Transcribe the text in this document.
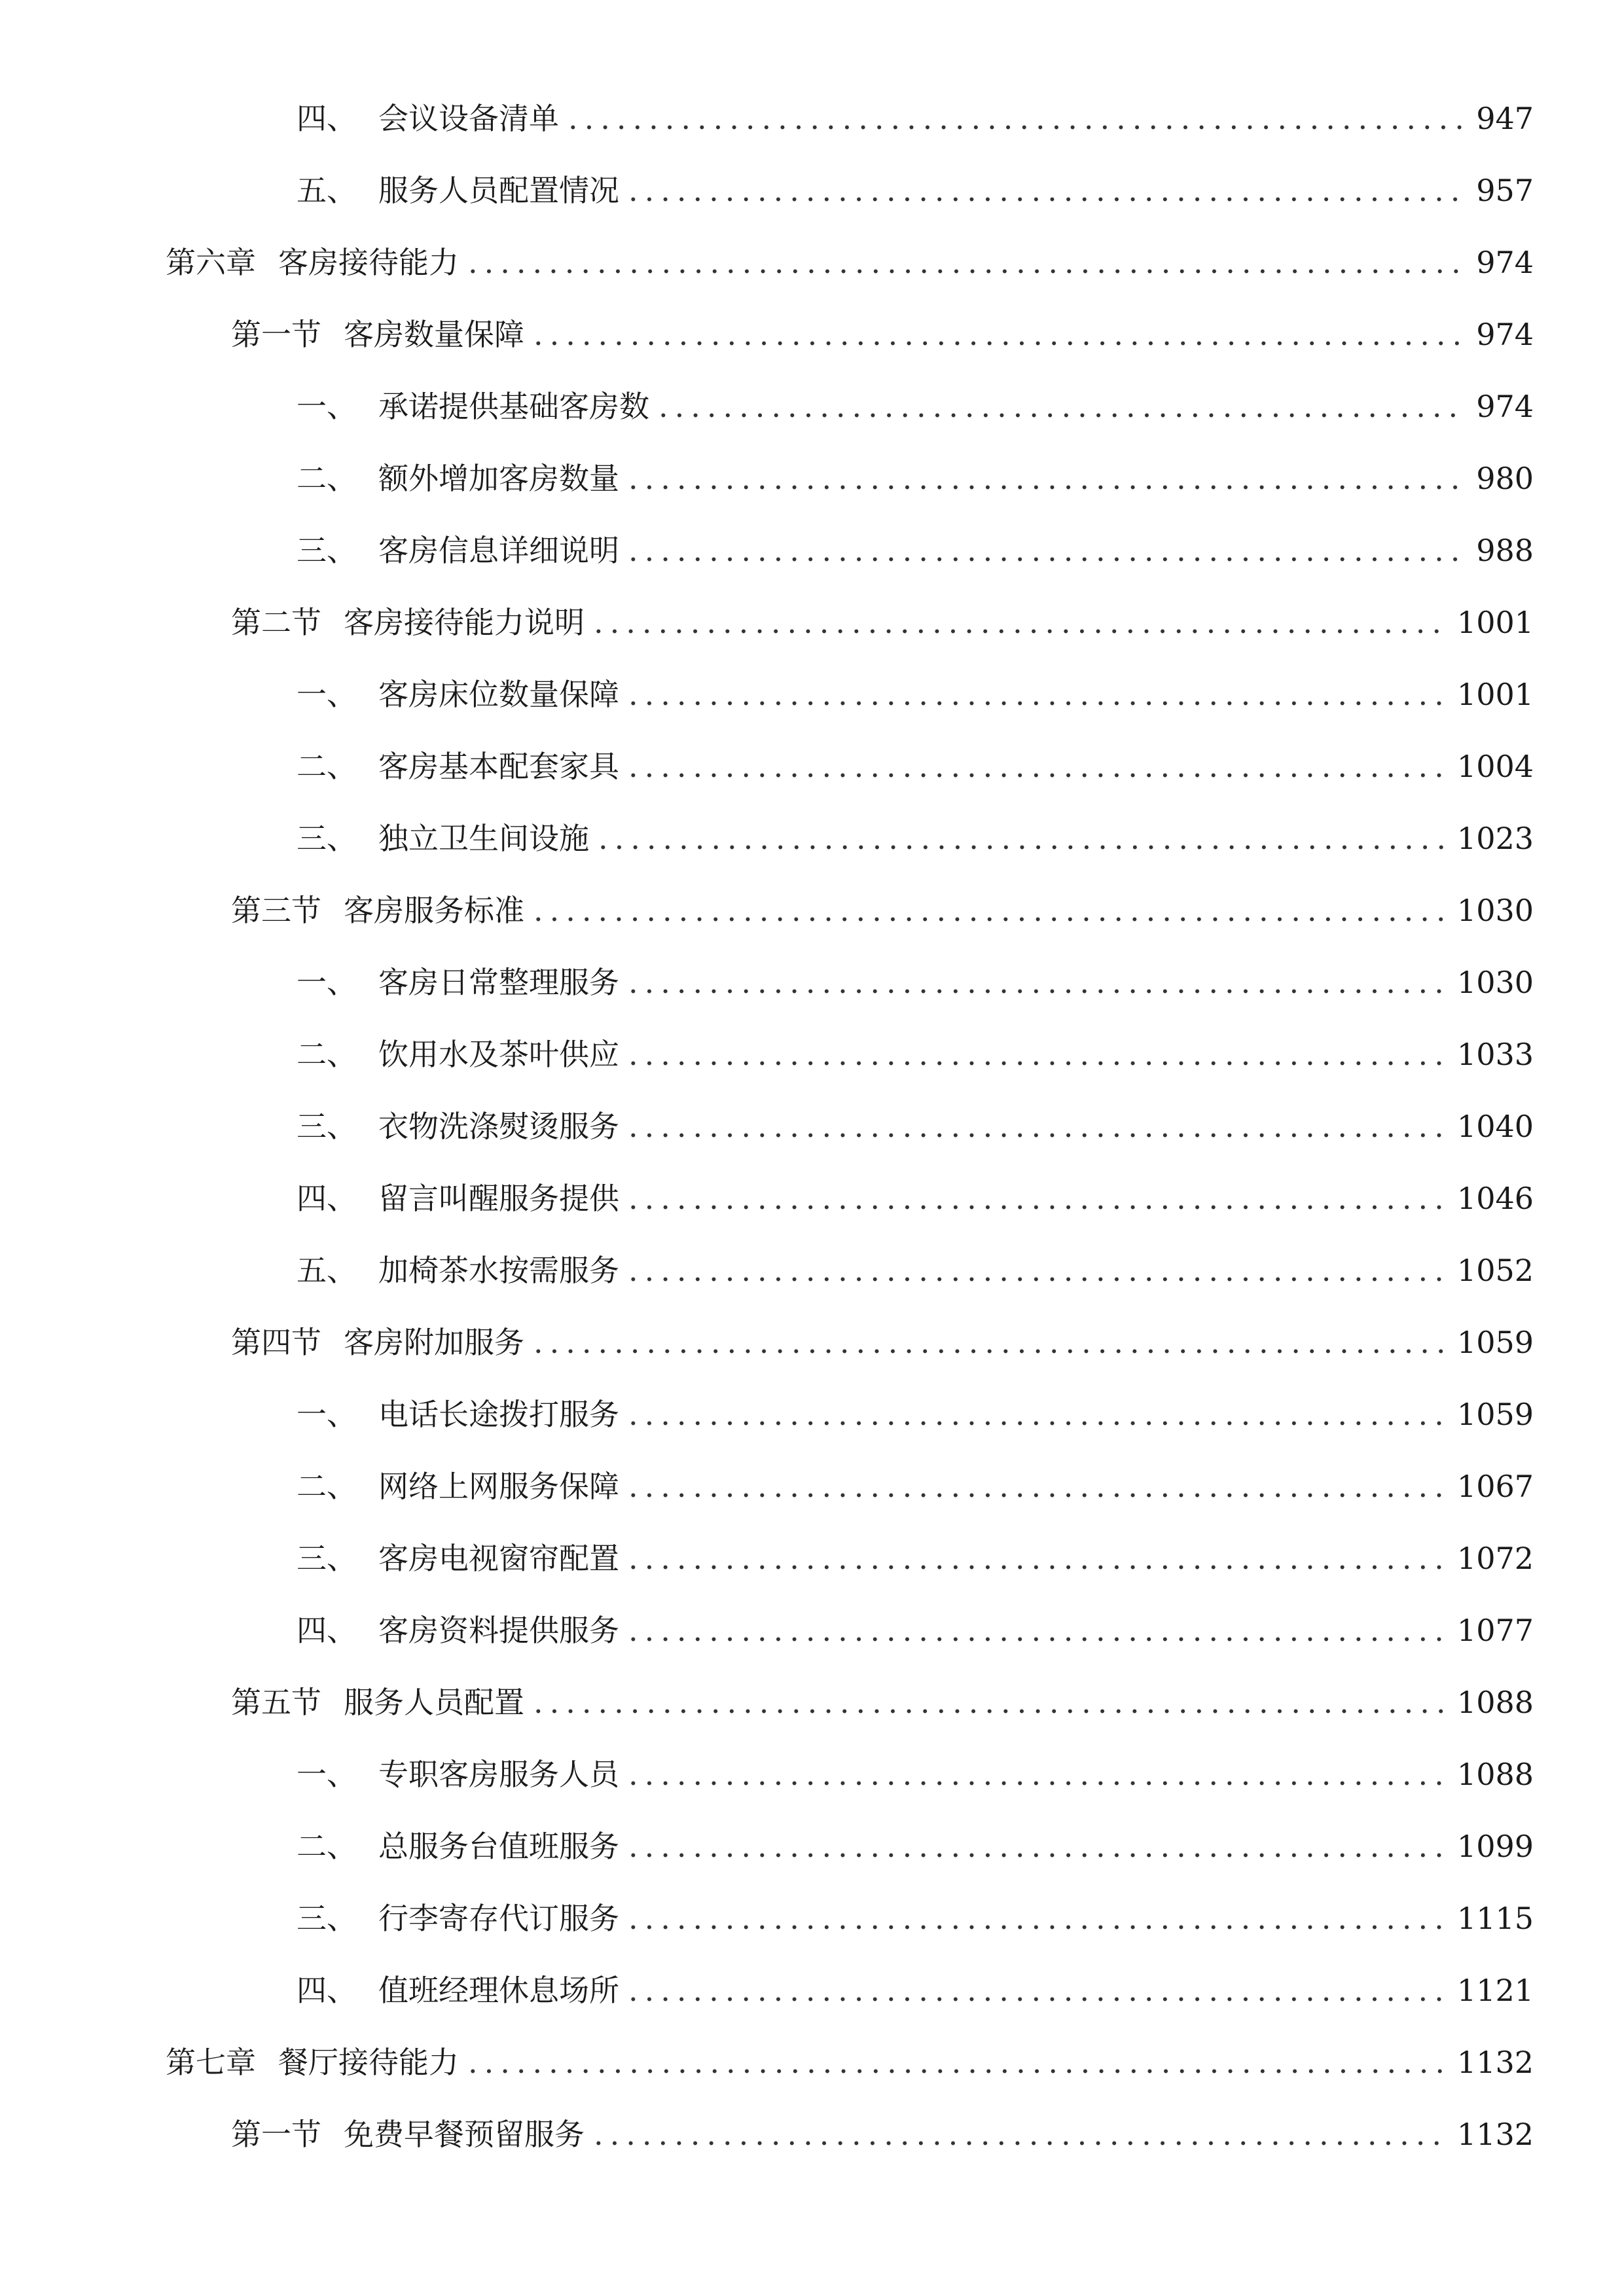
四、 会议设备清单 .....	947
五、 服务人员配置情况 .....	957
第六章 客房接待能力 .....	974
第一节 客房数量保障 .....	974
一、 承诺提供基础客房数 .....	974
二、 额外增加客房数量 .....	980
三、 客房信息详细说明 .....	988
第二节 客房接待能力说明 .....	1001
一、 客房床位数量保障 .....	1001
二、 客房基本配套家具 .....	1004
三、 独立卫生间设施 .....	1023
第三节 客房服务标准 .....	1030
一、 客房日常整理服务 .....	1030
二、 饮用水及茶叶供应 .....	1033
三、 衣物洗涤熨烫服务 .....	1040
四、 留言叫醒服务提供 .....	1046
五、 加椅茶水按需服务 .....	1052
第四节 客房附加服务 .....	1059
一、 电话长途拨打服务 .....	1059
二、 网络上网服务保障 .....	1067
三、 客房电视窗帘配置 .....	1072
四、 客房资料提供服务 .....	1077
第五节 服务人员配置 .....	1088
一、 专职客房服务人员 .....	1088
二、 总服务台值班服务 .....	1099
三、 行李寄存代订服务 .....	1115
四、 值班经理休息场所 .....	1121
第七章 餐厅接待能力 .....	1132
第一节 免费早餐预留服务 .....	1132
